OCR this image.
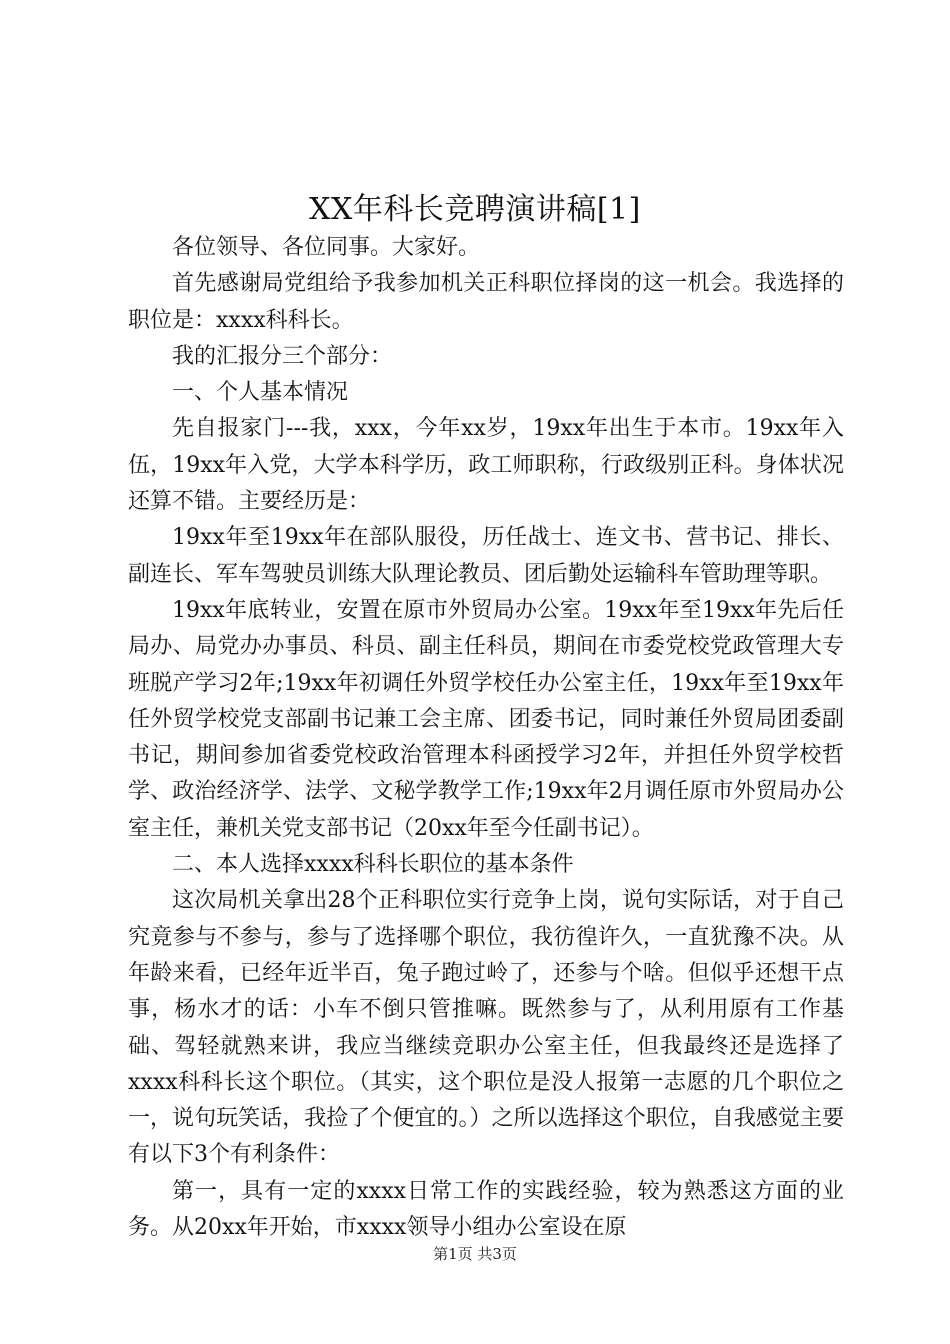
XX年科长竞聘演讲稿[1]

各位领导、各位同事。大家好。

首先感谢局党组给予我参加机关正科职位择岗的这一机会。我选择的职位是：xxxx科科长。

我的汇报分三个部分：

一、个人基本情况

先自报家门---我，xxx，今年xx岁，19xx年出生于本市。19xx年入伍，19xx年入党，大学本科学历，政工师职称，行政级别正科。身体状况还算不错。主要经历是：

19xx年至19xx年在部队服役，历任战士、连文书、营书记、排长、副连长、军车驾驶员训练大队理论教员、团后勤处运输科车管助理等职。

19xx年底转业，安置在原市外贸局办公室。19xx年至19xx年先后任局办、局党办办事员、科员、副主任科员，期间在市委党校党政管理大专班脱产学习2年;19xx年初调任外贸学校任办公室主任，19xx年至19xx年任外贸学校党支部副书记兼工会主席、团委书记，同时兼任外贸局团委副书记，期间参加省委党校政治管理本科函授学习2年，并担任外贸学校哲学、政治经济学、法学、文秘学教学工作;19xx年2月调任原市外贸局办公室主任，兼机关党支部书记（20xx年至今任副书记）。

二、本人选择xxxx科科长职位的基本条件

这次局机关拿出28个正科职位实行竞争上岗，说句实际话，对于自己究竟参与不参与，参与了选择哪个职位，我彷徨许久，一直犹豫不决。从年龄来看，已经年近半百，兔子跑过岭了，还参与个啥。但似乎还想干点事，杨水才的话：小车不倒只管推嘛。既然参与了，从利用原有工作基础、驾轻就熟来讲，我应当继续竞职办公室主任，但我最终还是选择了xxxx科科长这个职位。（其实，这个职位是没人报第一志愿的几个职位之一，说句玩笑话，我捡了个便宜的。）之所以选择这个职位，自我感觉主要有以下3个有利条件：

第一，具有一定的xxxx日常工作的实践经验，较为熟悉这方面的业务。从20xx年开始，市xxxx领导小组办公室设在原

第1页 共3页
